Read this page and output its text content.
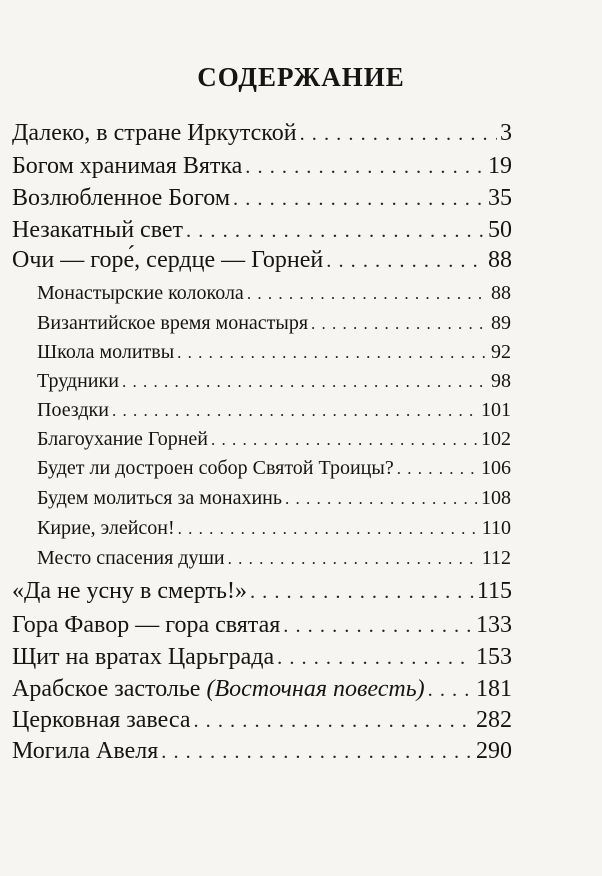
СОДЕРЖАНИЕ
Далеко, в стране Иркутской . . .	3
Богом хранимая Вятка . . .	19
Возлюбленное Богом . . .	35
Незакатный свет . . .	50
Очи — горе́, сердце — Горней . . .	88
Монастырские колокола . . .	88
Византийское время монастыря . . .	89
Школа молитвы . . .	92
Трудники . . .	98
Поездки . . .	101
Благоухание Горней . . .	102
Будет ли достроен собор Святой Троицы? . . .	106
Будем молиться за монахинь . . .	108
Кирие, элейсон! . . .	110
Место спасения души . . .	112
«Да не усну в смерть!» . . .	115
Гора Фавор — гора святая . . .	133
Щит на вратах Царьграда . . .	153
Арабское застолье (Восточная повесть) . . . 181
Церковная завеса . . .	282
Могила Авеля . . .	290
